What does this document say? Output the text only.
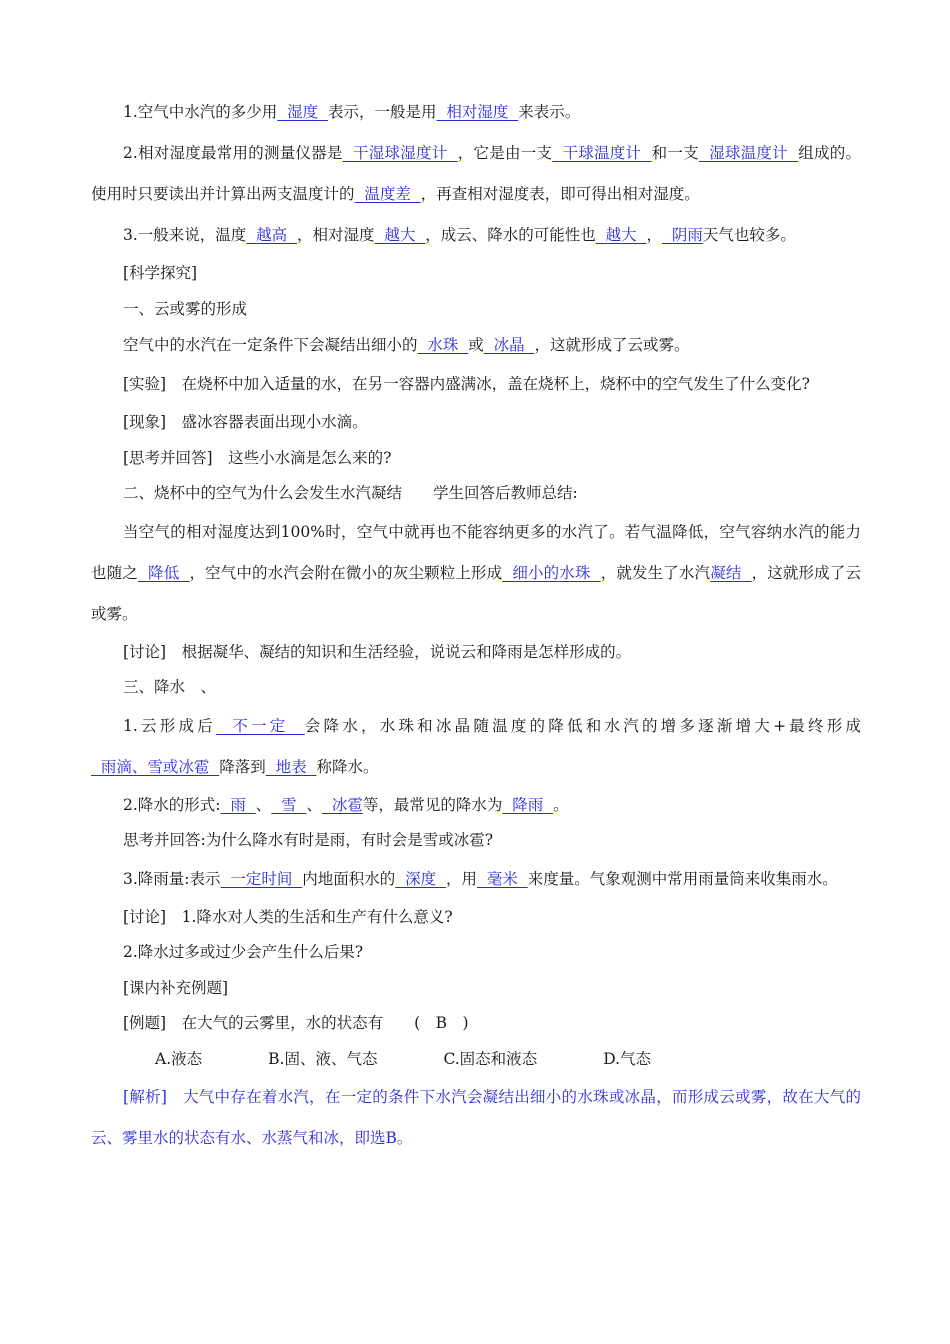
1.空气中水汽的多少用  湿度  表示，一般是用  相对湿度  来表示。

2.相对湿度最常用的测量仪器是  干湿球湿度计  ，它是由一支  干球温度计  和一支  湿球温度计  组成的。使用时只要读出并计算出两支温度计的  温度差  ，再查相对湿度表，即可得出相对湿度。

3.一般来说，温度  越高  ，相对湿度  越大  ，成云、降水的可能性也  越大  ，  阴雨天气也较多。

[科学探究]

一、云或雾的形成

空气中的水汽在一定条件下会凝结出细小的  水珠  或  冰晶  ，这就形成了云或雾。

[实验]　在烧杯中加入适量的水，在另一容器内盛满冰，盖在烧杯上，烧杯中的空气发生了什么变化?

[现象]　盛冰容器表面出现小水滴。

[思考并回答]　这些小水滴是怎么来的?

二、烧杯中的空气为什么会发生水汽凝结　　学生回答后教师总结:

当空气的相对湿度达到100%时，空气中就再也不能容纳更多的水汽了。若气温降低，空气容纳水汽的能力也随之  降低  ，空气中的水汽会附在微小的灰尘颗粒上形成  细小的水珠  ，就发生了水汽凝结  ，这就形成了云或雾。

[讨论]　根据凝华、凝结的知识和生活经验，说说云和降雨是怎样形成的。

三、降水　、

1.云形成后  不一定  会降水，水珠和冰晶随温度的降低和水汽的增多逐渐增大+最终形成  雨滴、雪或冰雹  降落到  地表  称降水。

2.降水的形式:  雨  、  雪  、  冰雹等，最常见的降水为  降雨  。

思考并回答:为什么降水有时是雨，有时会是雪或冰雹?

3.降雨量:表示  一定时间  内地面积水的  深度  ，用  毫米  来度量。气象观测中常用雨量筒来收集雨水。

[讨论]　1.降水对人类的生活和生产有什么意义?

2.降水过多或过少会产生什么后果?

[课内补充例题]

[例题]　在大气的云雾里，水的状态有　　(　B　)

A.液态	B.固、液、气态	C.固态和液态	D.气态

[解析]　大气中存在着水汽，在一定的条件下水汽会凝结出细小的水珠或冰晶，而形成云或雾，故在大气的云、雾里水的状态有水、水蒸气和冰，即选B。
